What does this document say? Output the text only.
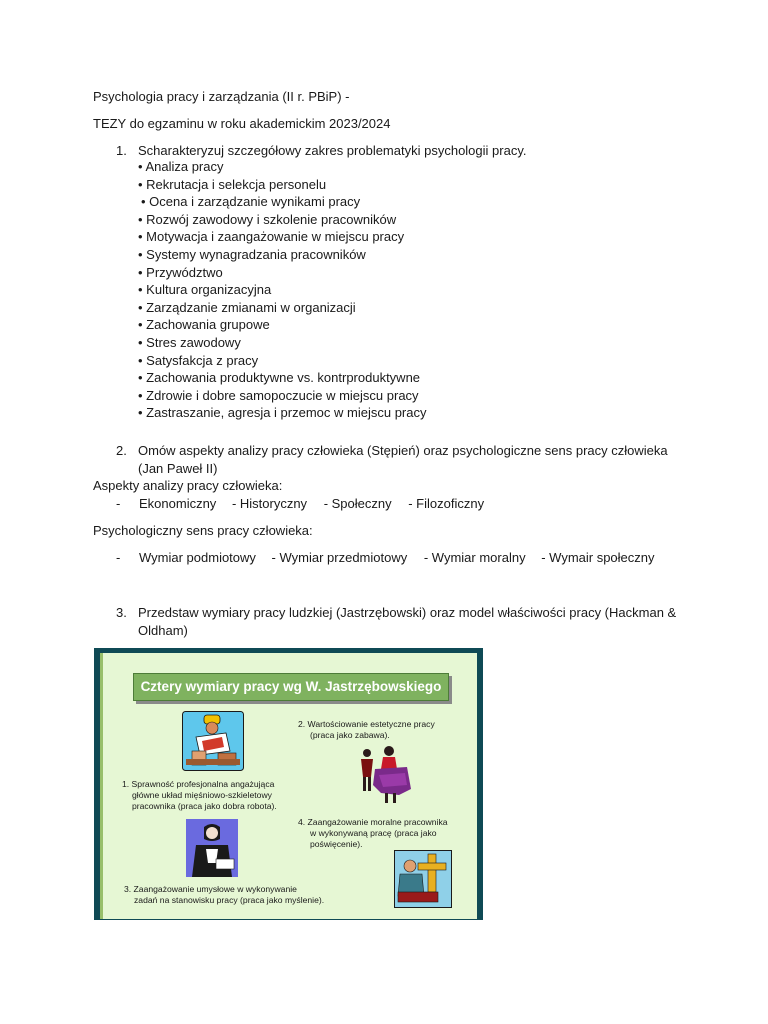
Psychologia pracy i zarządzania (II r. PBiP) -
TEZY do egzaminu w roku akademickim 2023/2024
1. Scharakteryzuj szczegółowy zakres problematyki psychologii pracy.
• Analiza pracy
• Rekrutacja i selekcja personelu
• Ocena i zarządzanie wynikami pracy
• Rozwój zawodowy i szkolenie pracowników
• Motywacja i zaangażowanie w miejscu pracy
• Systemy wynagradzania pracowników
• Przywództwo
• Kultura organizacyjna
• Zarządzanie zmianami w organizacji
• Zachowania grupowe
• Stres zawodowy
• Satysfakcja z pracy
• Zachowania produktywne vs. kontrproduktywne
• Zdrowie i dobre samopoczucie w miejscu pracy
• Zastraszanie, agresja i przemoc w miejscu pracy
2. Omów aspekty analizy pracy człowieka (Stępień) oraz psychologiczne sens pracy człowieka
(Jan Paweł II)
Aspekty analizy pracy człowieka:
- Ekonomiczny - Historyczny - Społeczny - Filozoficzny
Psychologiczny sens pracy człowieka:
- Wymiar podmiotowy - Wymiar przedmiotowy - Wymiar moralny - Wymair społeczny
3. Przedstaw wymiary pracy ludzkiej (Jastrzębowski) oraz model właściwości pracy (Hackman &
Oldham)
Cztery wymiary pracy wg W. Jastrzębowskiego
2. Wartościowanie estetyczne pracy
(praca jako zabawa).
1. Sprawność profesjonalna angażująca
główne układ mięśniowo-szkieletowy
pracownika (praca jako dobra robota).
4. Zaangażowanie moralne pracownika
w wykonywaną pracę (praca jako
poświęcenie).
3. Zaangażowanie umysłowe w wykonywanie
zadań na stanowisku pracy (praca jako myślenie).
